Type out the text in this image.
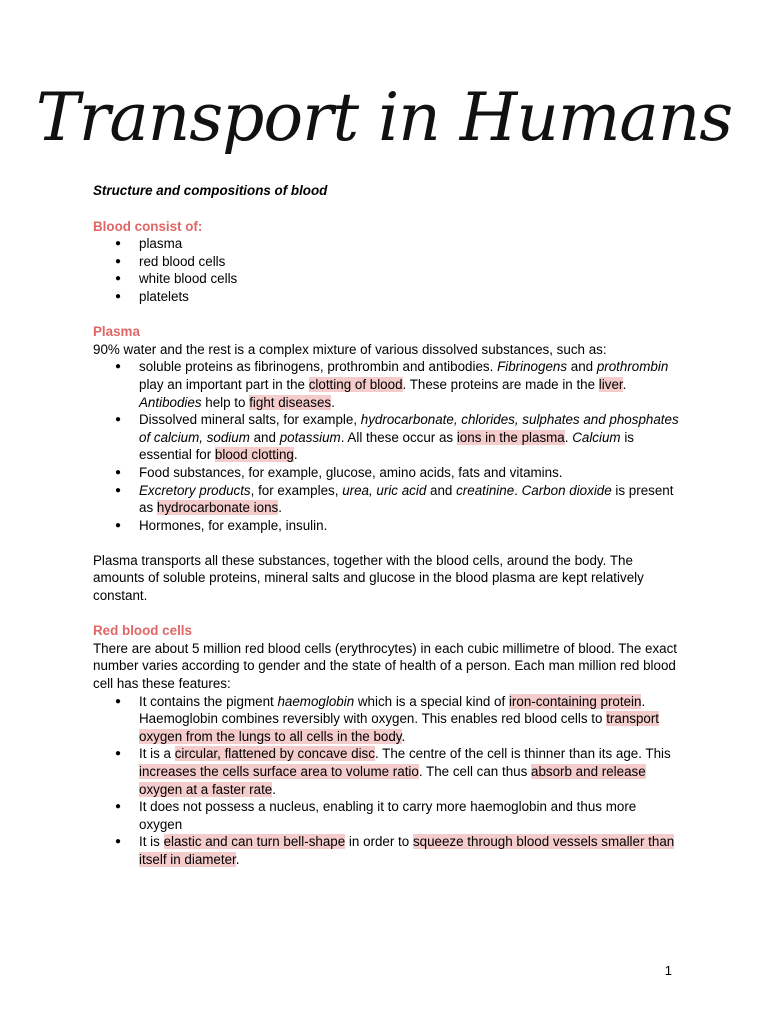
Transport in Humans

Structure and compositions of blood

Blood consist of:

● plasma
● red blood cells
● white blood cells
● platelets

Plasma

90% water and the rest is a complex mixture of various dissolved substances, such as:

● soluble proteins as fibrinogens, prothrombin and antibodies. Fibrinogens and prothrombin play an important part in the clotting of blood. These proteins are made in the liver. Antibodies help to fight diseases.
● Dissolved mineral salts, for example, hydrocarbonate, chlorides, sulphates and phosphates of calcium, sodium and potassium. All these occur as ions in the plasma. Calcium is essential for blood clotting.
● Food substances, for example, glucose, amino acids, fats and vitamins.
● Excretory products, for examples, urea, uric acid and creatinine. Carbon dioxide is present as hydrocarbonate ions.
● Hormones, for example, insulin.

Plasma transports all these substances, together with the blood cells, around the body. The amounts of soluble proteins, mineral salts and glucose in the blood plasma are kept relatively constant.

Red blood cells

There are about 5 million red blood cells (erythrocytes) in each cubic millimetre of blood. The exact number varies according to gender and the state of health of a person. Each man million red blood cell has these features:

● It contains the pigment haemoglobin which is a special kind of iron-containing protein. Haemoglobin combines reversibly with oxygen. This enables red blood cells to transport oxygen from the lungs to all cells in the body.
● It is a circular, flattened by concave disc. The centre of the cell is thinner than its age. This increases the cells surface area to volume ratio. The cell can thus absorb and release oxygen at a faster rate.
● It does not possess a nucleus, enabling it to carry more haemoglobin and thus more oxygen
● It is elastic and can turn bell-shape in order to squeeze through blood vessels smaller than itself in diameter.
1
